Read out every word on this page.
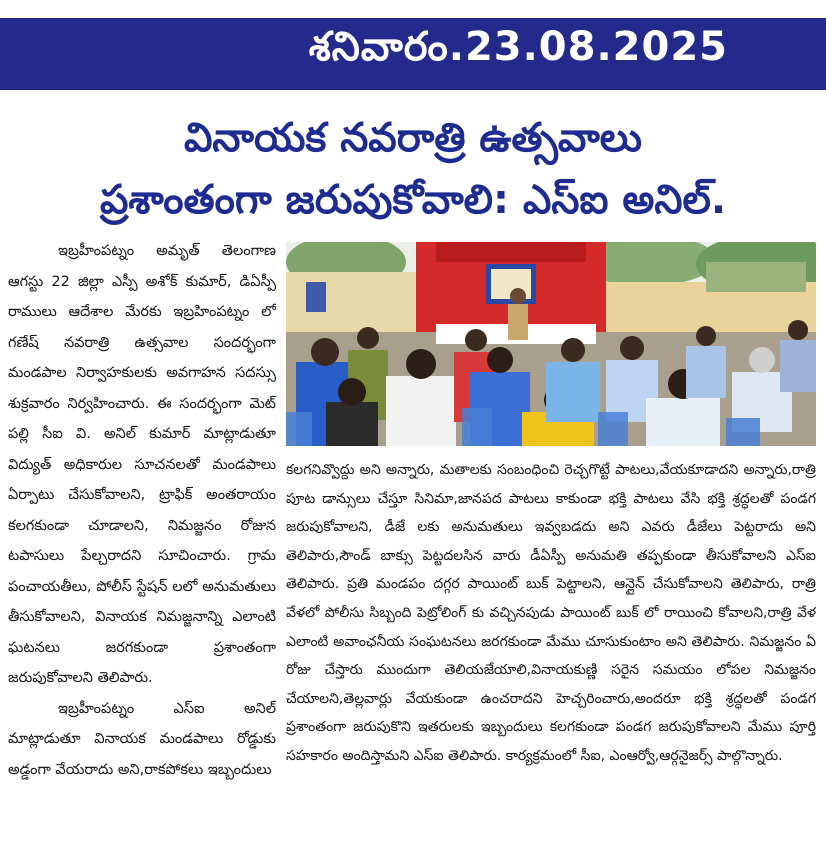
శనివారం.23.08.2025
వినాయక నవరాత్రి ఉత్సవాలు
ప్రశాంతంగా జరుపుకోవాలి: ఎస్ఐ అనిల్.

ఇబ్రహీంపట్నం అమృత్ తెలంగాణ ఆగస్టు 22 జిల్లా ఎస్పీ అశోక్ కుమార్, డిఏస్పీ రాములు ఆదేశాల మేరకు ఇబ్రహింపట్నం లో గణేష్ నవరాత్రి ఉత్సవాల సందర్భంగా మండపాల నిర్వాహకులకు అవగాహన సదస్సు శుక్రవారం నిర్వహించారు. ఈ సందర్భంగా మెట్ పల్లి సీఐ వి. అనిల్ కుమార్ మాట్లాడుతూ విద్యుత్ అధికారుల సూచనలతో మండపాలు ఏర్పాటు చేసుకోవాలని, ట్రాఫిక్ అంతరాయం కలగకుండా చూడాలని, నిమజ్జనం రోజున టపాసులు పేల్చరాదని సూచించారు. గ్రామ పంచాయతీలు, పోలీస్ స్టేషన్ లలో అనుమతులు తీసుకోవాలని, వినాయక నిమజ్జనాన్ని ఎలాంటి ఘటనలు జరగకుండా ప్రశాంతంగా జరుపుకోవాలని తెలిపారు.

ఇబ్రహీంపట్నం ఎస్ఐ అనిల్ మాట్లాడుతూ వినాయక మండపాలు రోడ్డుకు అడ్డంగా వేయరాదు అని,రాకపోకలు ఇబ్బందులు

కలగనివ్వొద్దు అని అన్నారు, మతాలకు సంబంధించి రెచ్చగొట్టే పాటలు,వేయకూడాదని అన్నారు,రాత్రి పూట డాన్సులు చేస్తూ సినిమా,జానపద పాటలు కాకుండా భక్తి పాటలు వేసి భక్తి శ్రద్ధలతో పండగ జరుపుకోవాలని, డీజే లకు అనుమతులు ఇవ్వబడదు అని ఎవరు డీజేలు పెట్టరాదు అని తెలిపారు,సౌండ్ బాక్సు పెట్టదలసిన వారు డీఏస్పీ అనుమతి తప్పకుండా తీసుకోవాలని ఎస్ఐ తెలిపారు. ప్రతి మండపం దగ్గర పాయింట్ బుక్ పెట్టాలని, ఆన్లైన్ చేసుకోవాలని తెలిపారు, రాత్రి వేళలో పోలీసు సిబ్బంది పెట్రోలింగ్ కు వచ్చినపుడు పాయింట్ బుక్ లో రాయించి కోవాలని,రాత్రి వేళ ఎలాంటి అవాంఛనీయ సంఘటనలు జరగకుండా మేము చూసుకుంటాం అని తెలిపారు. నిమజ్జనం ఏ రోజు చేస్తారు ముందుగా తెలియజేయాలి,వినాయకుణ్ణి సరైన సమయం లోపల నిమజ్జనం చేయాలని,తెల్లవార్లు వేయకుండా ఉంచరాదని హెచ్చరించారు,అందరూ భక్తి శ్రద్ధలతో పండగ ప్రశాంతంగా జరుపుకొని ఇతరులకు ఇబ్బందులు కలగకుండా పండగ జరుపుకోవాలని మేము పూర్తి సహకారం అందిస్తామని ఎస్ఐ తెలిపారు. కార్యక్రమంలో సీఐ, ఎంఆర్వో,ఆర్గనైజర్స్ పాల్గొన్నారు.
